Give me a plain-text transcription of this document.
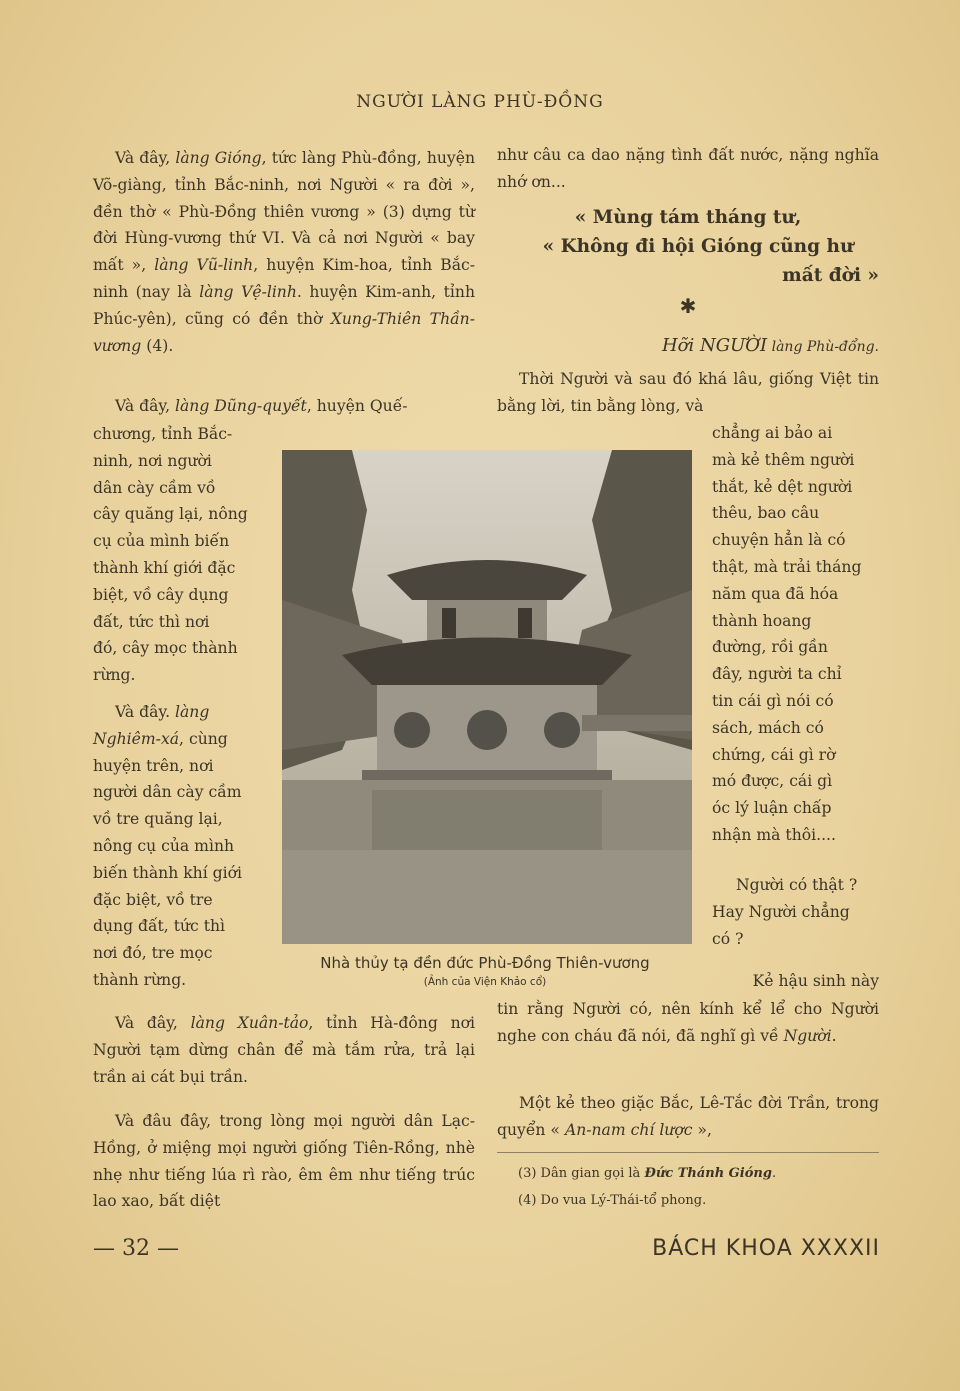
NGƯỜI LÀNG PHÙ-ĐỒNG

Và đây, làng Gióng, tức làng Phù-đồng, huyện Võ-giàng, tỉnh Bắc-ninh, nơi Người « ra đời », đền thờ « Phù-Đồng thiên vương » (3) dựng từ đời Hùng-vương thứ VI. Và cả nơi Người « bay mất », làng Vũ-linh, huyện Kim-hoa, tỉnh Bắc-ninh (nay là làng Vệ-linh. huyện Kim-anh, tỉnh Phúc-yên), cũng có đền thờ Xung-Thiên Thần-vương (4).

Và đây, làng Dũng-quyết, huyện Quế-

chương, tỉnh Bắc-
ninh, nơi người
dân cày cầm vồ
cây quăng lại, nông
cụ của mình biến
thành khí giới đặc
biệt, vồ cây dụng
đất, tức thì nơi
đó, cây mọc thành
rừng.
Và đây. làng
Nghiêm-xá, cùng
huyện trên, nơi
người dân cày cầm
vồ tre quăng lại,
nông cụ của mình
biến thành khí giới
đặc biệt, vồ tre
dụng đất, tức thì
nơi đó, tre mọc
thành rừng.

Và đây, làng Xuân-tảo, tỉnh Hà-đông nơi Người tạm dừng chân để mà tắm rửa, trả lại trần ai cát bụi trần.

Và đâu đây, trong lòng mọi người dân Lạc-Hồng, ở miệng mọi người giống Tiên-Rồng, nhè nhẹ như tiếng lúa rì rào, êm êm như tiếng trúc lao xao, bất diệt

Nhà thủy tạ đền đức Phù-Đồng Thiên-vương
(Ảnh của Viện Khảo cổ)

như câu ca dao nặng tình đất nước, nặng nghĩa nhớ ơn...

« Mùng tám tháng tư,
« Không đi hội Gióng cũng hư
mất đời »
✱
Hỡi NGƯỜI làng Phù-đổng.

Thời Người và sau đó khá lâu, giống Việt tin bằng lời, tin bằng lòng, và

chẳng ai bảo ai
mà kẻ thêm người
thắt, kẻ dệt người
thêu, bao câu
chuyện hẳn là có
thật, mà trải tháng
năm qua đã hóa
thành hoang
đường, rồi gần
đây, người ta chỉ
tin cái gì nói có
sách, mách có
chứng, cái gì rờ
mó được, cái gì
óc lý luận chấp
nhận mà thôi....
Người có thật ?
Hay Người chẳng
có ?
Kẻ hậu sinh này

tin rằng Người có, nên kính kể lể cho Người nghe con cháu đã nói, đã nghĩ gì về Người.

Một kẻ theo giặc Bắc, Lê-Tắc đời Trần, trong quyển « An-nam chí lược »,

(3) Dân gian gọi là Đức Thánh Gióng.
(4) Do vua Lý-Thái-tổ phong.
— 32 —	BÁCH KHOA XXXXII
